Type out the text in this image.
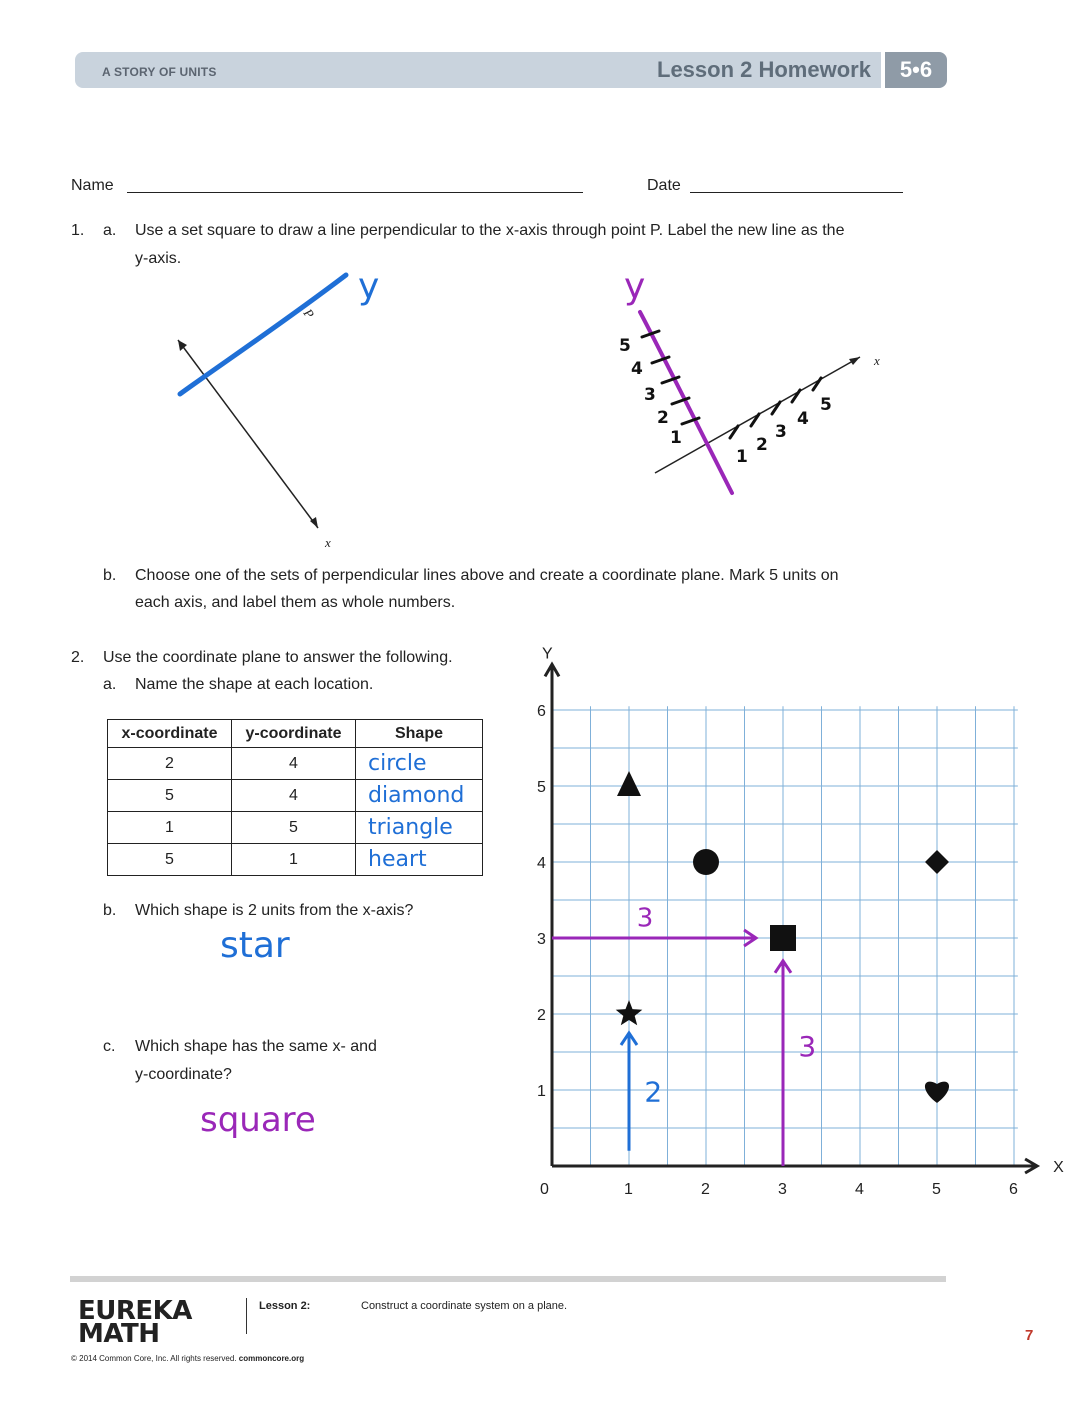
A STORY OF UNITS	Lesson 2 Homework	5•6
Name	Date
1. a. Use a set square to draw a line perpendicular to the x-axis through point P. Label the new line as the
y-axis.
P
x
y
1
2
3
4
5
1
2
3
4
5
x
y
b. Choose one of the sets of perpendicular lines above and create a coordinate plane. Mark 5 units on
each axis, and label them as whole numbers.
2. Use the coordinate plane to answer the following.
a. Name the shape at each location.
x-coordinate	y-coordinate	Shape
2	4	circle
5	4	diamond
1	5	triangle
5	1	heart
b. Which shape is 2 units from the x-axis?
star
c. Which shape has the same x- and
y-coordinate?
square
X
Y
0	1	2	3	4	5	6
1
2
3
4
5
6
3
3
2
EUREKA
MATH
Lesson 2:	Construct a coordinate system on a plane.
© 2014 Common Core, Inc. All rights reserved. commoncore.org
7
